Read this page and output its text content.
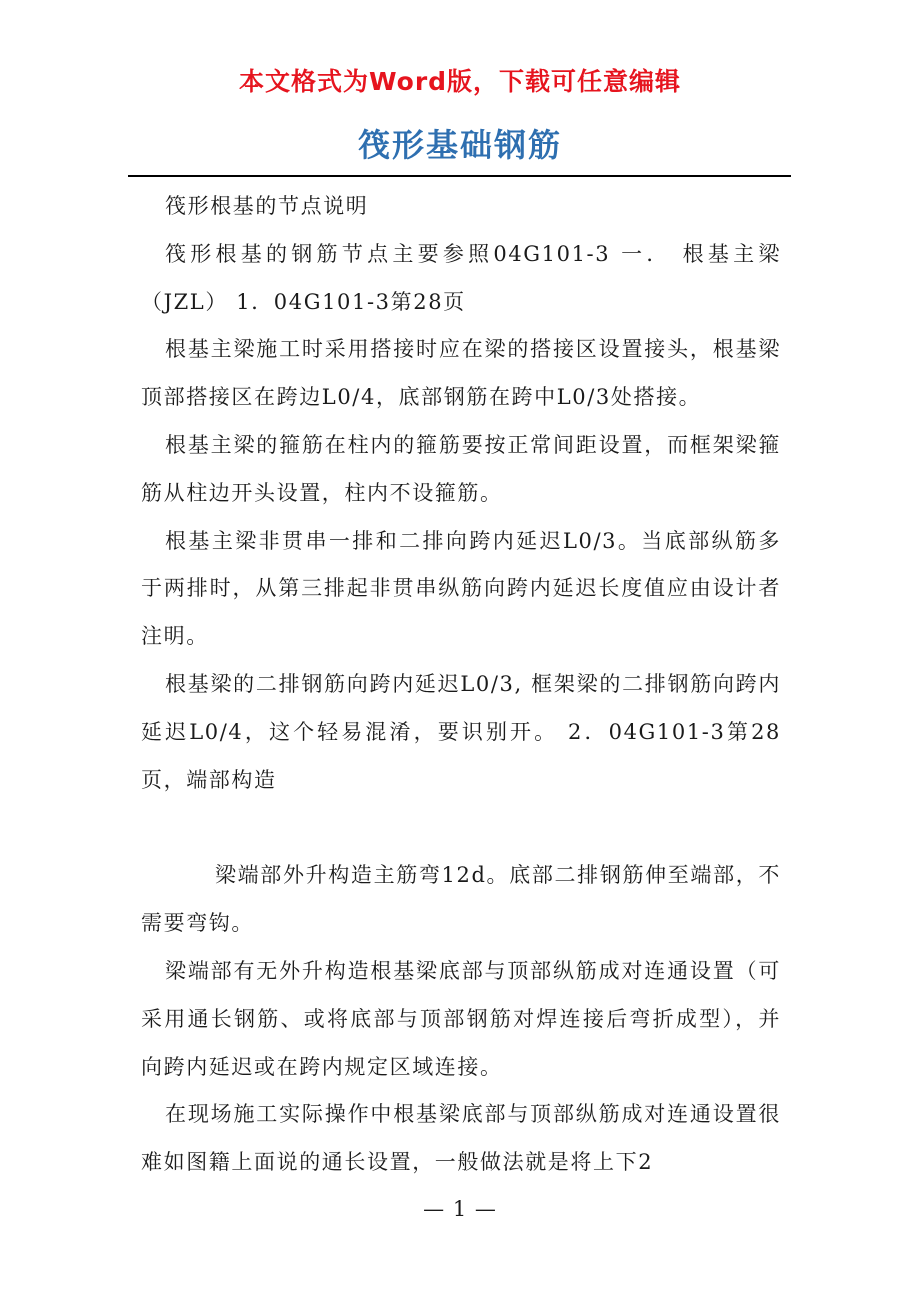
本文格式为Word版，下载可任意编辑
筏形基础钢筋

筏形根基的节点说明

筏形根基的钢筋节点主要参照04G101-3 一． 根基主梁（JZL） 1．04G101-3第28页

根基主梁施工时采用搭接时应在梁的搭接区设置接头，根基梁顶部搭接区在跨边L0/4，底部钢筋在跨中L0/3处搭接。

根基主梁的箍筋在柱内的箍筋要按正常间距设置，而框架梁箍筋从柱边开头设置，柱内不设箍筋。

根基主梁非贯串一排和二排向跨内延迟L0/3。当底部纵筋多于两排时，从第三排起非贯串纵筋向跨内延迟长度值应由设计者注明。

根基梁的二排钢筋向跨内延迟L0/3, 框架梁的二排钢筋向跨内延迟L0/4，这个轻易混淆，要识别开。 2．04G101-3第28页，端部构造

梁端部外升构造主筋弯12d。底部二排钢筋伸至端部，不需要弯钩。

梁端部有无外升构造根基梁底部与顶部纵筋成对连通设置（可采用通长钢筋、或将底部与顶部钢筋对焊连接后弯折成型），并向跨内延迟或在跨内规定区域连接。

在现场施工实际操作中根基梁底部与顶部纵筋成对连通设置很难如图籍上面说的通长设置，一般做法就是将上下2

— 1 —
